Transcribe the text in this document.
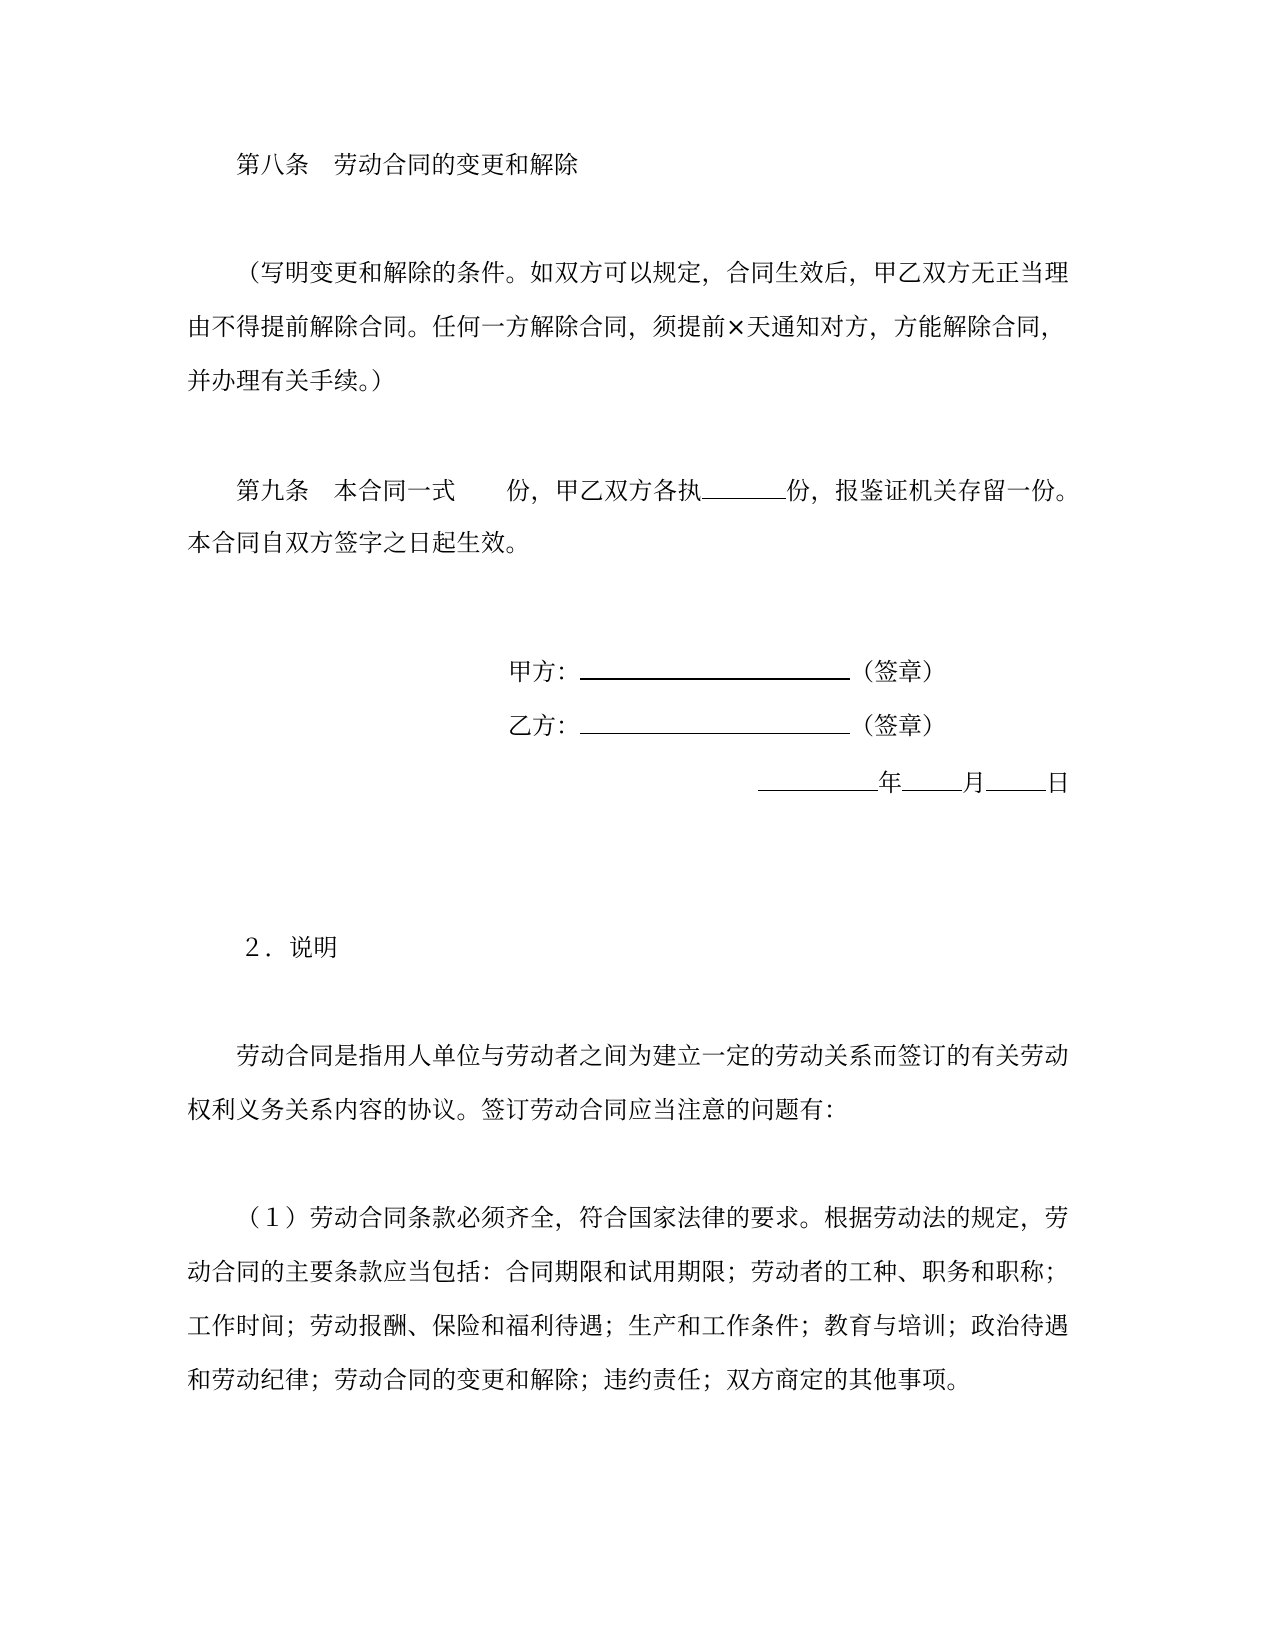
第八条 劳动合同的变更和解除
（写明变更和解除的条件。如双方可以规定，合同生效后，甲乙双方无正当理
由不得提前解除合同。任何一方解除合同，须提前×天通知对方，方能解除合同，
并办理有关手续。）
第九条 本合同一式 份，甲乙双方各执	份，报鉴证机关存留一份。
本合同自双方签字之日起生效。
甲方：	（签章）
乙方：	（签章）
年	月	日
２．说明
劳动合同是指用人单位与劳动者之间为建立一定的劳动关系而签订的有关劳动
权利义务关系内容的协议。签订劳动合同应当注意的问题有：
（１）劳动合同条款必须齐全，符合国家法律的要求。根据劳动法的规定，劳
动合同的主要条款应当包括：合同期限和试用期限；劳动者的工种、职务和职称；
工作时间；劳动报酬、保险和福利待遇；生产和工作条件；教育与培训；政治待遇
和劳动纪律；劳动合同的变更和解除；违约责任；双方商定的其他事项。
